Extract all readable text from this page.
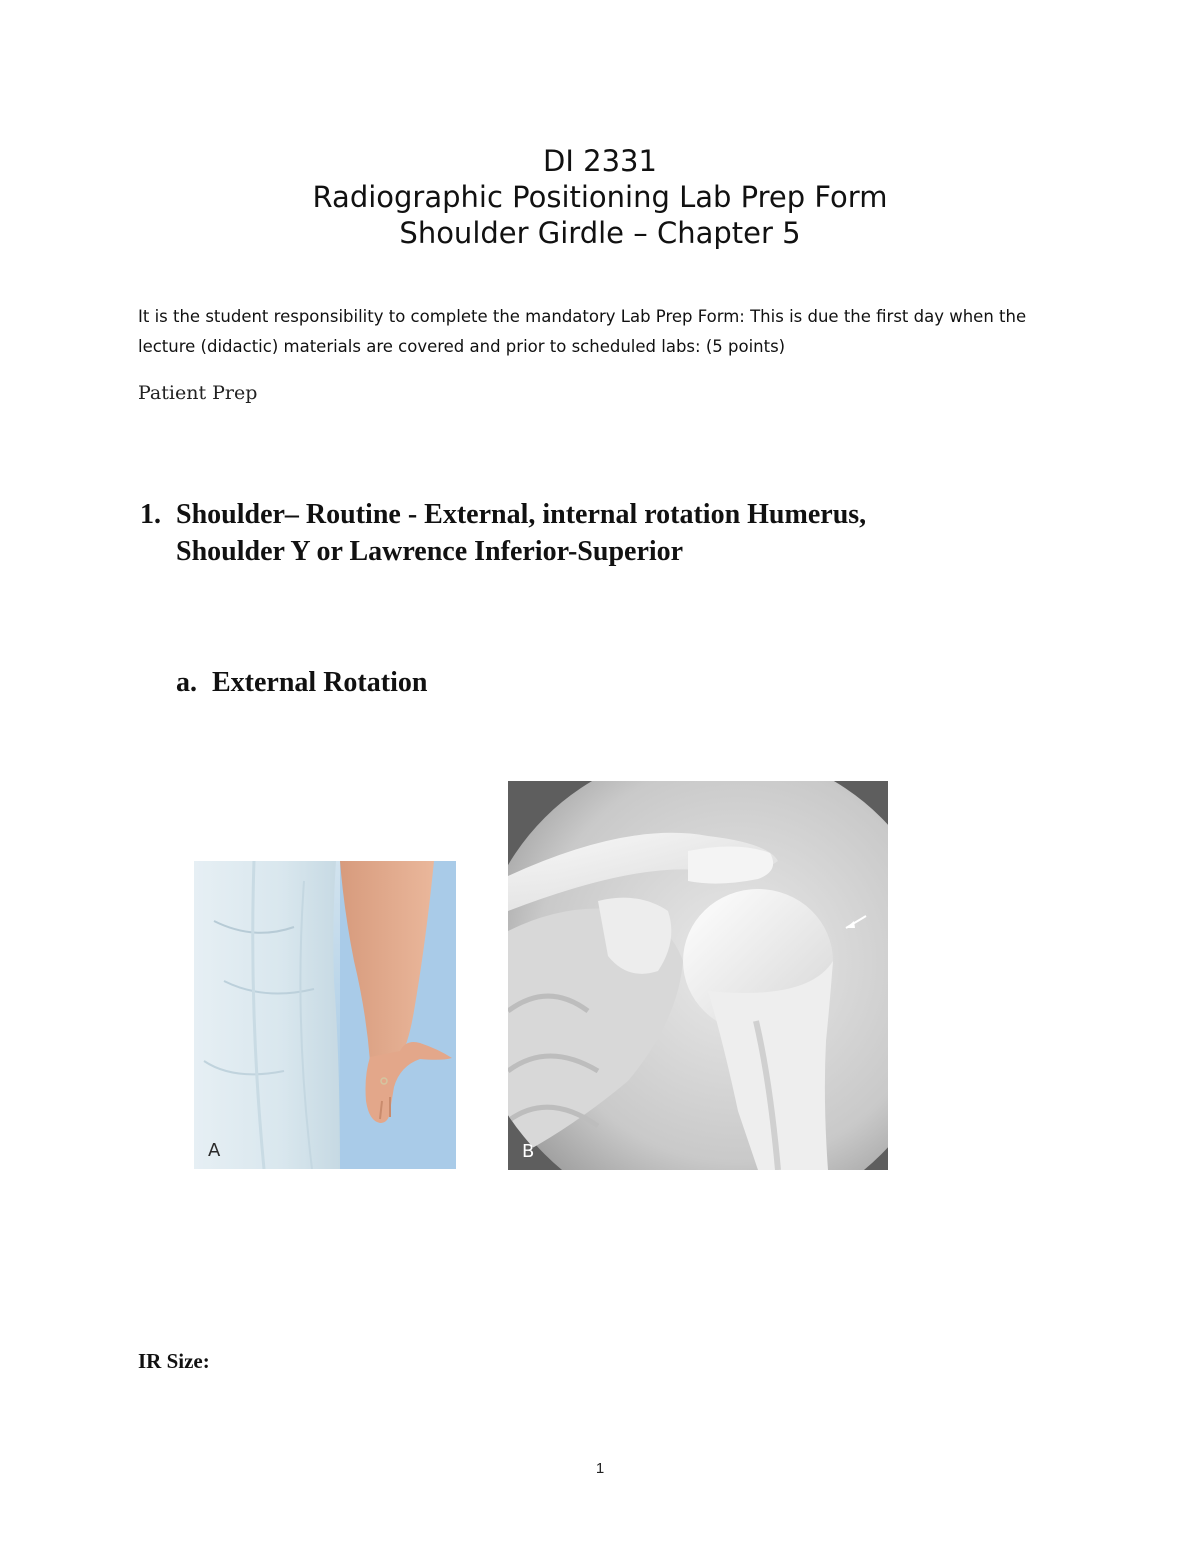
DI 2331
Radiographic Positioning Lab Prep Form
Shoulder Girdle – Chapter 5
It is the student responsibility to complete the mandatory Lab Prep Form: This is due the first day when the lecture (didactic) materials are covered and prior to scheduled labs: (5 points)
Patient Prep
1. Shoulder– Routine - External, internal rotation Humerus,
Shoulder Y or Lawrence Inferior-Superior
a. External Rotation
A	B
IR Size:
1
